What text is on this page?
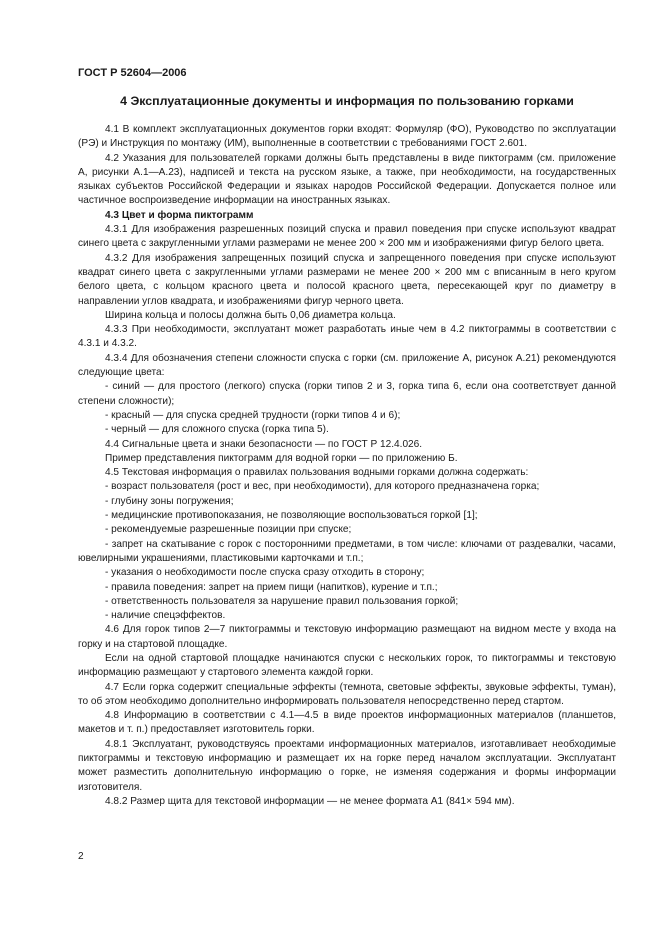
ГОСТ Р 52604—2006
4 Эксплуатационные документы и информация по пользованию горками

4.1 В комплект эксплуатационных документов горки входят: Формуляр (ФО), Руководство по эксплуатации (РЭ) и Инструкция по монтажу (ИМ), выполненные в соответствии с требованиями ГОСТ 2.601.

4.2 Указания для пользователей горками должны быть представлены в виде пиктограмм (см. приложение А, рисунки А.1—А.23), надписей и текста на русском языке, а также, при необходимости, на государственных языках субъектов Российской Федерации и языках народов Российской Федерации. Допускается полное или частичное воспроизведение информации на иностранных языках.

4.3 Цвет и форма пиктограмм

4.3.1 Для изображения разрешенных позиций спуска и правил поведения при спуске используют квадрат синего цвета с закругленными углами размерами не менее 200 × 200 мм и изображениями фигур белого цвета.

4.3.2 Для изображения запрещенных позиций спуска и запрещенного поведения при спуске используют квадрат синего цвета с закругленными углами размерами не менее 200 × 200 мм с вписанным в него кругом белого цвета, с кольцом красного цвета и полосой красного цвета, пересекающей круг по диаметру в направлении углов квадрата, и изображениями фигур черного цвета.

Ширина кольца и полосы должна быть 0,06 диаметра кольца.

4.3.3 При необходимости, эксплуатант может разработать иные чем в 4.2 пиктограммы в соответствии с 4.3.1 и 4.3.2.

4.3.4 Для обозначения степени сложности спуска с горки (см. приложение А, рисунок А.21) рекомендуются следующие цвета:

- синий — для простого (легкого) спуска (горки типов 2 и 3, горка типа 6, если она соответствует данной степени сложности);

- красный — для спуска средней трудности (горки типов 4 и 6);

- черный — для сложного спуска (горка типа 5).

4.4 Сигнальные цвета и знаки безопасности — по ГОСТ Р 12.4.026.

Пример представления пиктограмм для водной горки — по приложению Б.

4.5 Текстовая информация о правилах пользования водными горками должна содержать:

- возраст пользователя (рост и вес, при необходимости), для которого предназначена горка;

- глубину зоны погружения;

- медицинские противопоказания, не позволяющие воспользоваться горкой [1];

- рекомендуемые разрешенные позиции при спуске;

- запрет на скатывание с горок с посторонними предметами, в том числе: ключами от раздевалки, часами, ювелирными украшениями, пластиковыми карточками и т.п.;

- указания о необходимости после спуска сразу отходить в сторону;

- правила поведения: запрет на прием пищи (напитков), курение и т.п.;

- ответственность пользователя за нарушение правил пользования горкой;

- наличие спецэффектов.

4.6 Для горок типов 2—7 пиктограммы и текстовую информацию размещают на видном месте у входа на горку и на стартовой площадке.

Если на одной стартовой площадке начинаются спуски с нескольких горок, то пиктограммы и текстовую информацию размещают у стартового элемента каждой горки.

4.7 Если горка содержит специальные эффекты (темнота, световые эффекты, звуковые эффекты, туман), то об этом необходимо дополнительно информировать пользователя непосредственно перед стартом.

4.8 Информацию в соответствии с 4.1—4.5 в виде проектов информационных материалов (планшетов, макетов и т. п.) предоставляет изготовитель горки.

4.8.1 Эксплуатант, руководствуясь проектами информационных материалов, изготавливает необходимые пиктограммы и текстовую информацию и размещает их на горке перед началом эксплуатации. Эксплуатант может разместить дополнительную информацию о горке, не изменяя содержания и формы информации изготовителя.

4.8.2 Размер щита для текстовой информации — не менее формата А1 (841× 594 мм).

2
